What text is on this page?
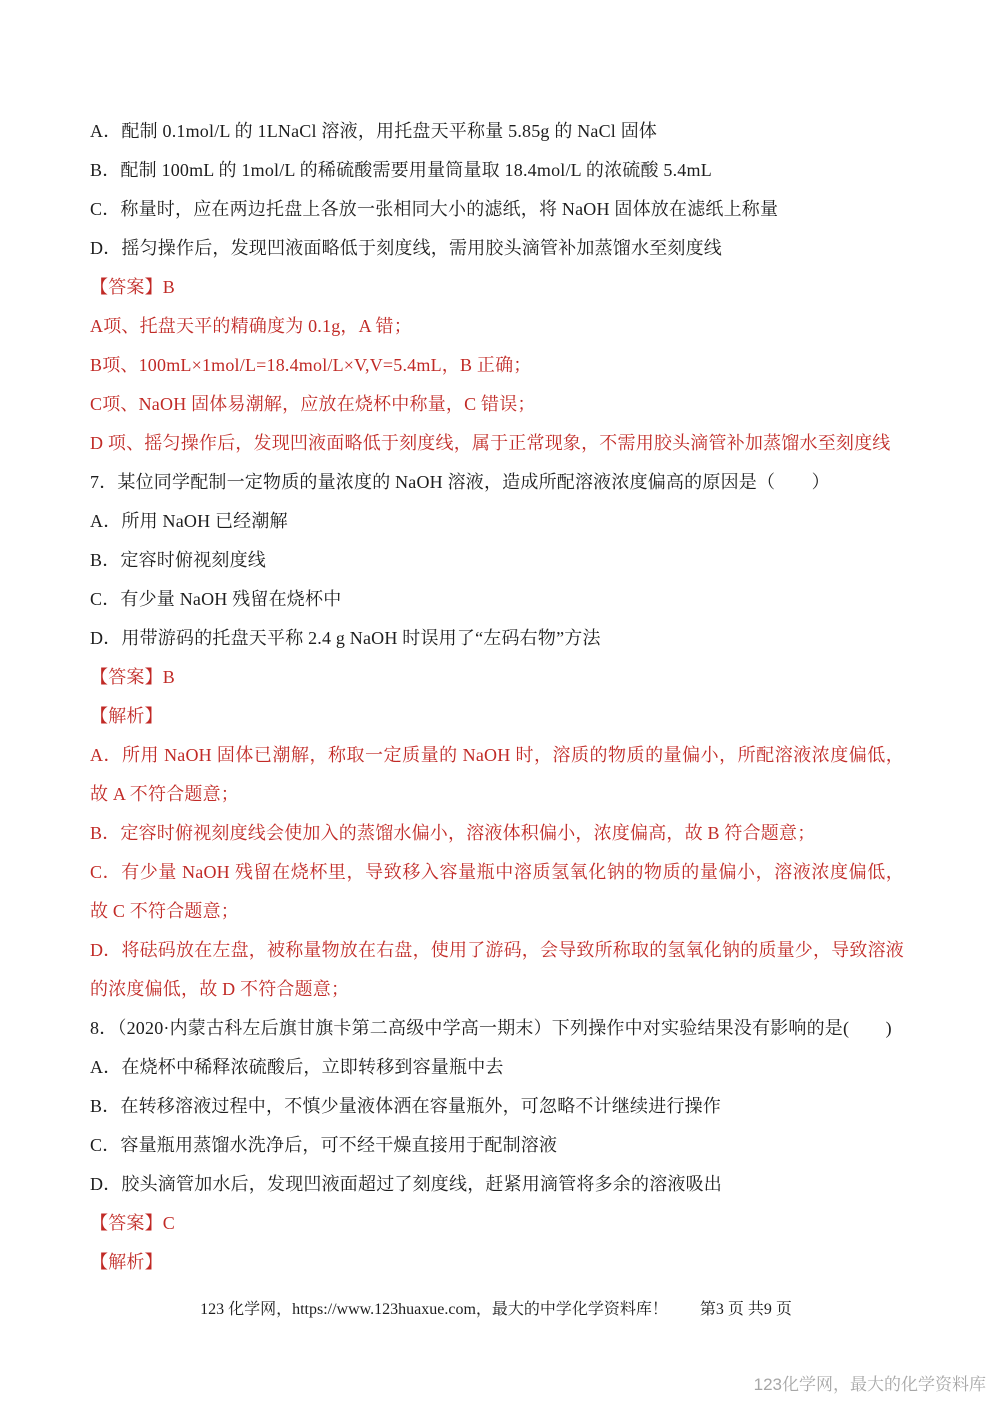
A．配制 0.1mol/L 的 1LNaCl 溶液，用托盘天平称量 5.85g 的 NaCl 固体

B．配制 100mL 的 1mol/L 的稀硫酸需要用量筒量取 18.4mol/L 的浓硫酸 5.4mL

C．称量时，应在两边托盘上各放一张相同大小的滤纸，将 NaOH 固体放在滤纸上称量

D．摇匀操作后，发现凹液面略低于刻度线，需用胶头滴管补加蒸馏水至刻度线

【答案】B

A项、托盘天平的精确度为 0.1g，A 错；

B项、100mL×1mol/L=18.4mol/L×V,V=5.4mL，B 正确；

C项、NaOH 固体易潮解，应放在烧杯中称量，C 错误；

D 项、摇匀操作后，发现凹液面略低于刻度线，属于正常现象，不需用胶头滴管补加蒸馏水至刻度线

7．某位同学配制一定物质的量浓度的 NaOH 溶液，造成所配溶液浓度偏高的原因是（　　）

A．所用 NaOH 已经潮解

B．定容时俯视刻度线

C．有少量 NaOH 残留在烧杯中

D．用带游码的托盘天平称 2.4 g NaOH 时误用了“左码右物”方法

【答案】B

【解析】

A．所用 NaOH 固体已潮解，称取一定质量的 NaOH 时，溶质的物质的量偏小，所配溶液浓度偏低，故 A 不符合题意；

B．定容时俯视刻度线会使加入的蒸馏水偏小，溶液体积偏小，浓度偏高，故 B 符合题意；

C．有少量 NaOH 残留在烧杯里，导致移入容量瓶中溶质氢氧化钠的物质的量偏小，溶液浓度偏低，故 C 不符合题意；

D．将砝码放在左盘，被称量物放在右盘，使用了游码，会导致所称取的氢氧化钠的质量少，导致溶液的浓度偏低，故 D 不符合题意；

8．（2020·内蒙古科左后旗甘旗卡第二高级中学高一期末）下列操作中对实验结果没有影响的是(　　)

A．在烧杯中稀释浓硫酸后，立即转移到容量瓶中去

B．在转移溶液过程中，不慎少量液体洒在容量瓶外，可忽略不计继续进行操作

C．容量瓶用蒸馏水洗净后，可不经干燥直接用于配制溶液

D．胶头滴管加水后，发现凹液面超过了刻度线，赶紧用滴管将多余的溶液吸出

【答案】C

【解析】

123 化学网，https://www.123huaxue.com，最大的中学化学资料库！　　第3 页 共9 页
123化学网，最大的化学资料库
